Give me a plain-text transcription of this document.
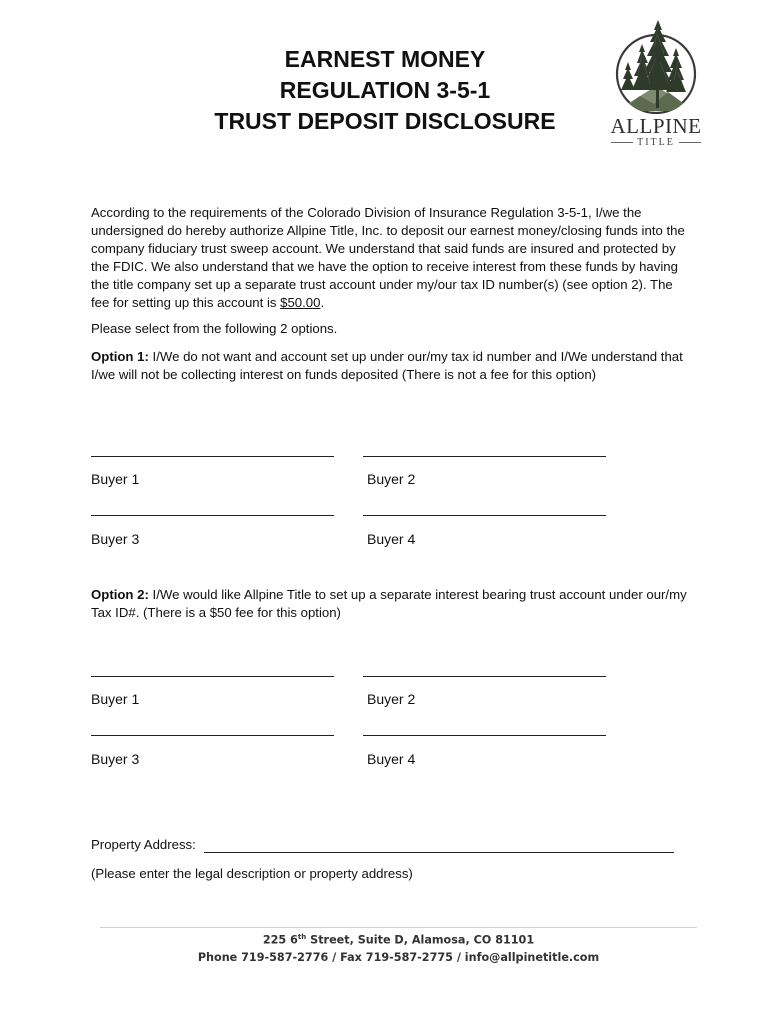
EARNEST MONEY
REGULATION 3-5-1
TRUST DEPOSIT DISCLOSURE	ALLPINE
TITLE
According to the requirements of the Colorado Division of Insurance Regulation 3-5-1, I/we the undersigned do hereby authorize Allpine Title, Inc. to deposit our earnest money/closing funds into the company fiduciary trust sweep account. We understand that said funds are insured and protected by the FDIC. We also understand that we have the option to receive interest from these funds by having the title company set up a separate trust account under my/our tax ID number(s) (see option 2). The fee for setting up this account is $50.00.
Please select from the following 2 options.
Option 1: I/We do not want and account set up under our/my tax id number and I/We understand that I/we will not be collecting interest on funds deposited (There is not a fee for this option)
Buyer 1	Buyer 2
Buyer 3	Buyer 4
Option 2: I/We would like Allpine Title to set up a separate interest bearing trust account under our/my Tax ID#. (There is a $50 fee for this option)
Buyer 1	Buyer 2
Buyer 3	Buyer 4
Property Address:
(Please enter the legal description or property address)
225 6th Street, Suite D, Alamosa, CO 81101
Phone 719-587-2776 / Fax 719-587-2775 / info@allpinetitle.com
